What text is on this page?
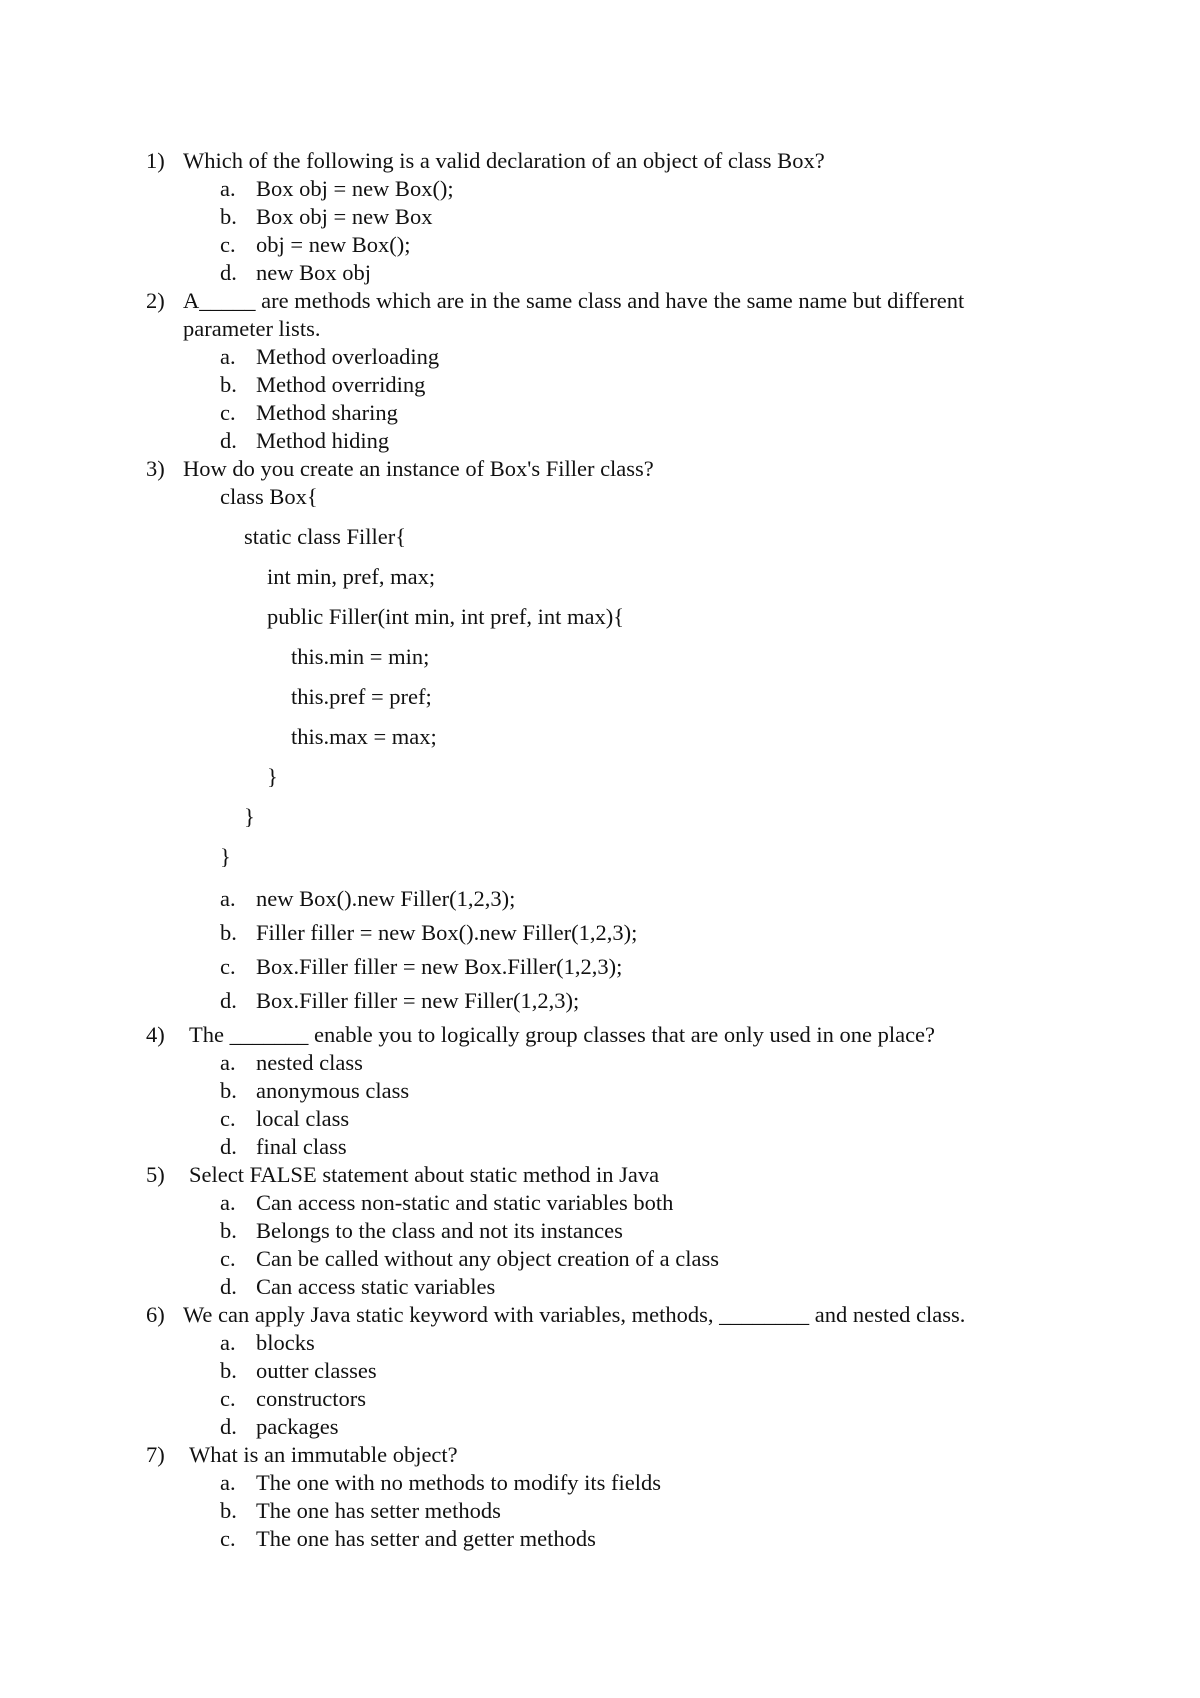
1) Which of the following is a valid declaration of an object of class Box?
a. Box obj = new Box();
b. Box obj = new Box
c. obj = new Box();
d. new Box obj
2) A_____ are methods which are in the same class and have the same name but different
parameter lists.
a. Method overloading
b. Method overriding
c. Method sharing
d. Method hiding
3) How do you create an instance of Box's Filler class?
class Box{
static class Filler{
int min, pref, max;
public Filler(int min, int pref, int max){
this.min = min;
this.pref = pref;
this.max = max;
}
}
}
a. new Box().new Filler(1,2,3);
b. Filler filler = new Box().new Filler(1,2,3);
c. Box.Filler filler = new Box.Filler(1,2,3);
d. Box.Filler filler = new Filler(1,2,3);
4) The _______ enable you to logically group classes that are only used in one place?
a. nested class
b. anonymous class
c. local class
d. final class
5) Select FALSE statement about static method in Java
a. Can access non-static and static variables both
b. Belongs to the class and not its instances
c. Can be called without any object creation of a class
d. Can access static variables
6) We can apply Java static keyword with variables, methods, ________ and nested class.
a. blocks
b. outter classes
c. constructors
d. packages
7) What is an immutable object?
a. The one with no methods to modify its fields
b. The one has setter methods
c. The one has setter and getter methods
